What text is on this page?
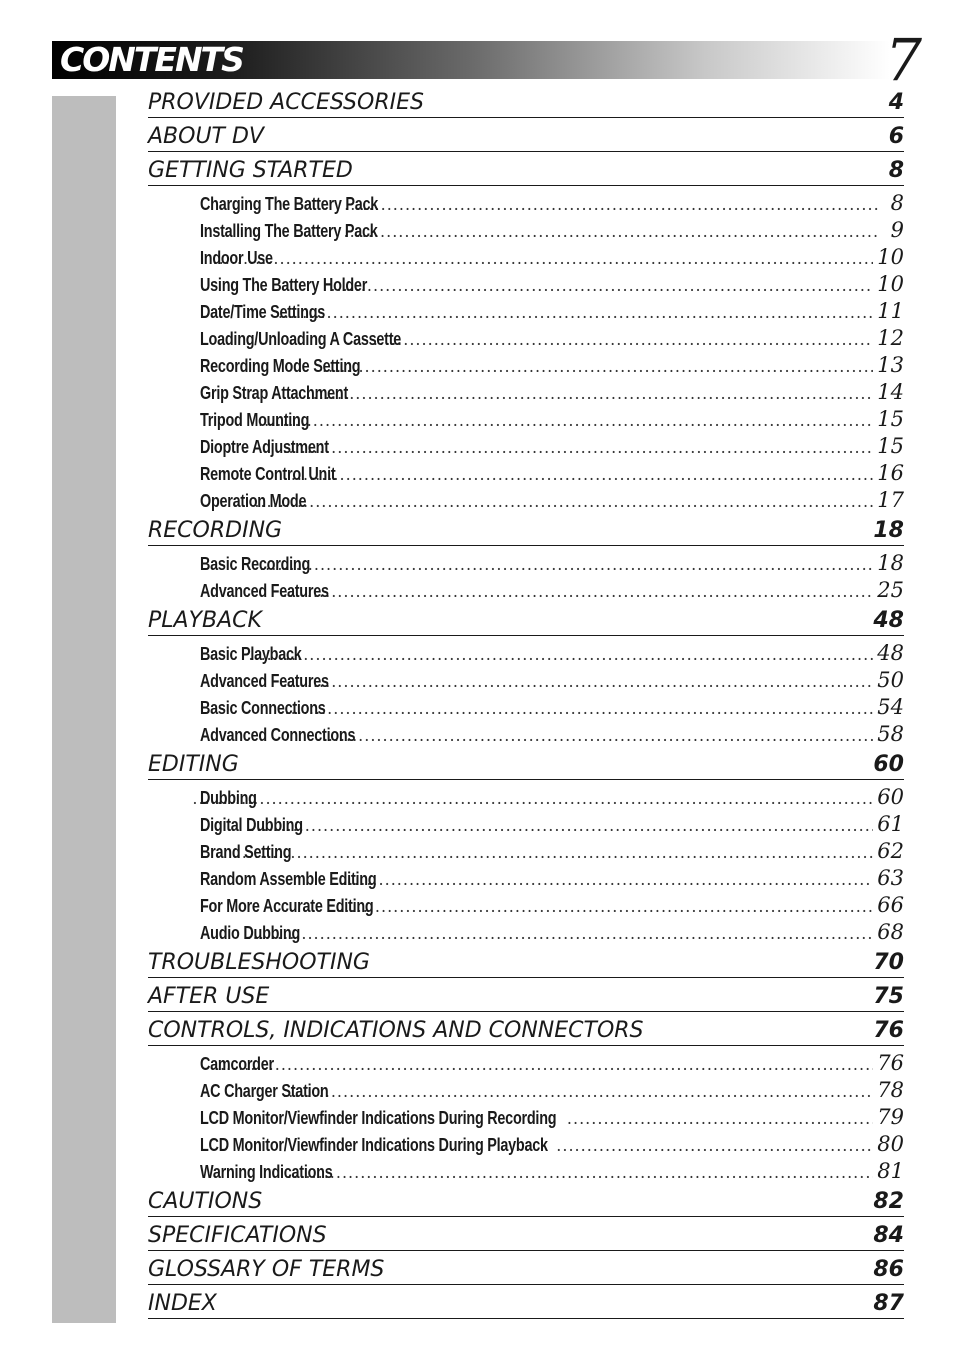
CONTENTS	7
PROVIDED ACCESSORIES	4
ABOUT DV	6
GETTING STARTED	8
Charging The Battery Pack .....	8
Installing The Battery Pack .....	9
Indoor Use .....	10
Using The Battery Holder .....	10
Date/Time Settings .....	11
Loading/Unloading A Cassette .....	12
Recording Mode Setting .....	13
Grip Strap Attachment .....	14
Tripod Mounting .....	15
Dioptre Adjustment .....	15
Remote Control Unit .....	16
Operation Mode .....	17
RECORDING	18
Basic Recording .....	18
Advanced Features .....	25
PLAYBACK	48
Basic Playback .....	48
Advanced Features .....	50
Basic Connections .....	54
Advanced Connections .....	58
EDITING	60
Dubbing .....	60
Digital Dubbing .....	61
Brand Setting .....	62
Random Assemble Editing .....	63
For More Accurate Editing .....	66
Audio Dubbing .....	68
TROUBLESHOOTING	70
AFTER USE	75
CONTROLS, INDICATIONS AND CONNECTORS	76
Camcorder .....	76
AC Charger Station .....	78
LCD Monitor/Viewfinder Indications During Recording .....	79
LCD Monitor/Viewfinder Indications During Playback .....	80
Warning Indications .....	81
CAUTIONS	82
SPECIFICATIONS	84
GLOSSARY OF TERMS	86
INDEX	87
